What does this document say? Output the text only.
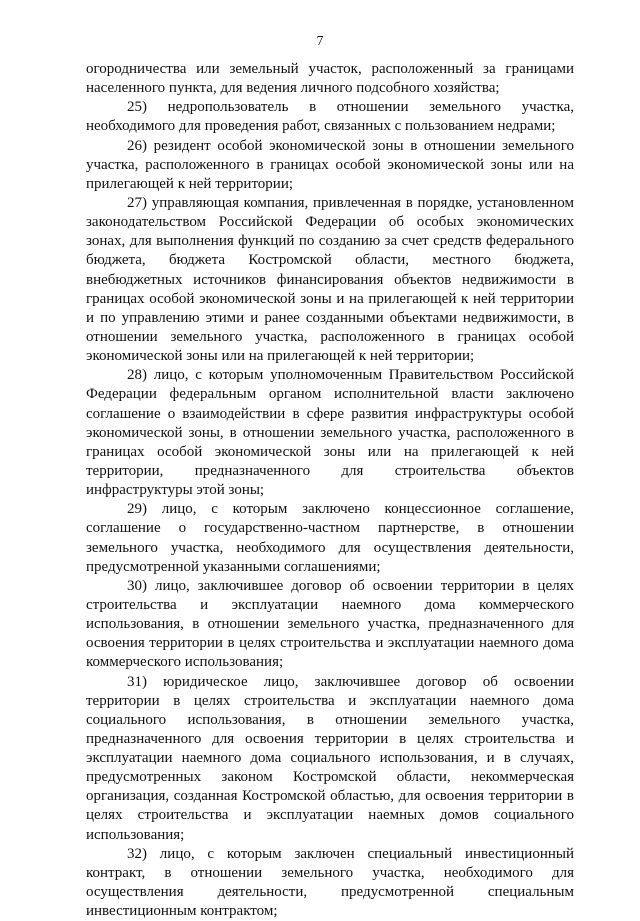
7
огородничества или земельный участок, расположенный за границами
населенного пункта, для ведения личного подсобного хозяйства;
25) недропользователь в отношении земельного участка,
необходимого для проведения работ, связанных с пользованием недрами;
26) резидент особой экономической зоны в отношении земельного
участка, расположенного в границах особой экономической зоны или на
прилегающей к ней территории;
27) управляющая компания, привлеченная в порядке, установленном
законодательством Российской Федерации об особых экономических
зонах, для выполнения функций по созданию за счет средств федерального
бюджета, бюджета Костромской области, местного бюджета,
внебюджетных источников финансирования объектов недвижимости в
границах особой экономической зоны и на прилегающей к ней территории
и по управлению этими и ранее созданными объектами недвижимости, в
отношении земельного участка, расположенного в границах особой
экономической зоны или на прилегающей к ней территории;
28) лицо, с которым уполномоченным Правительством Российской
Федерации федеральным органом исполнительной власти заключено
соглашение о взаимодействии в сфере развития инфраструктуры особой
экономической зоны, в отношении земельного участка, расположенного в
границах особой экономической зоны или на прилегающей к ней
территории, предназначенного для строительства объектов
инфраструктуры этой зоны;
29) лицо, с которым заключено концессионное соглашение,
соглашение о государственно-частном партнерстве, в отношении
земельного участка, необходимого для осуществления деятельности,
предусмотренной указанными соглашениями;
30) лицо, заключившее договор об освоении территории в целях
строительства и эксплуатации наемного дома коммерческого
использования, в отношении земельного участка, предназначенного для
освоения территории в целях строительства и эксплуатации наемного дома
коммерческого использования;
31) юридическое лицо, заключившее договор об освоении
территории в целях строительства и эксплуатации наемного дома
социального использования, в отношении земельного участка,
предназначенного для освоения территории в целях строительства и
эксплуатации наемного дома социального использования, и в случаях,
предусмотренных законом Костромской области, некоммерческая
организация, созданная Костромской областью, для освоения территории в
целях строительства и эксплуатации наемных домов социального
использования;
32) лицо, с которым заключен специальный инвестиционный
контракт, в отношении земельного участка, необходимого для
осуществления деятельности, предусмотренной специальным
инвестиционным контрактом;
